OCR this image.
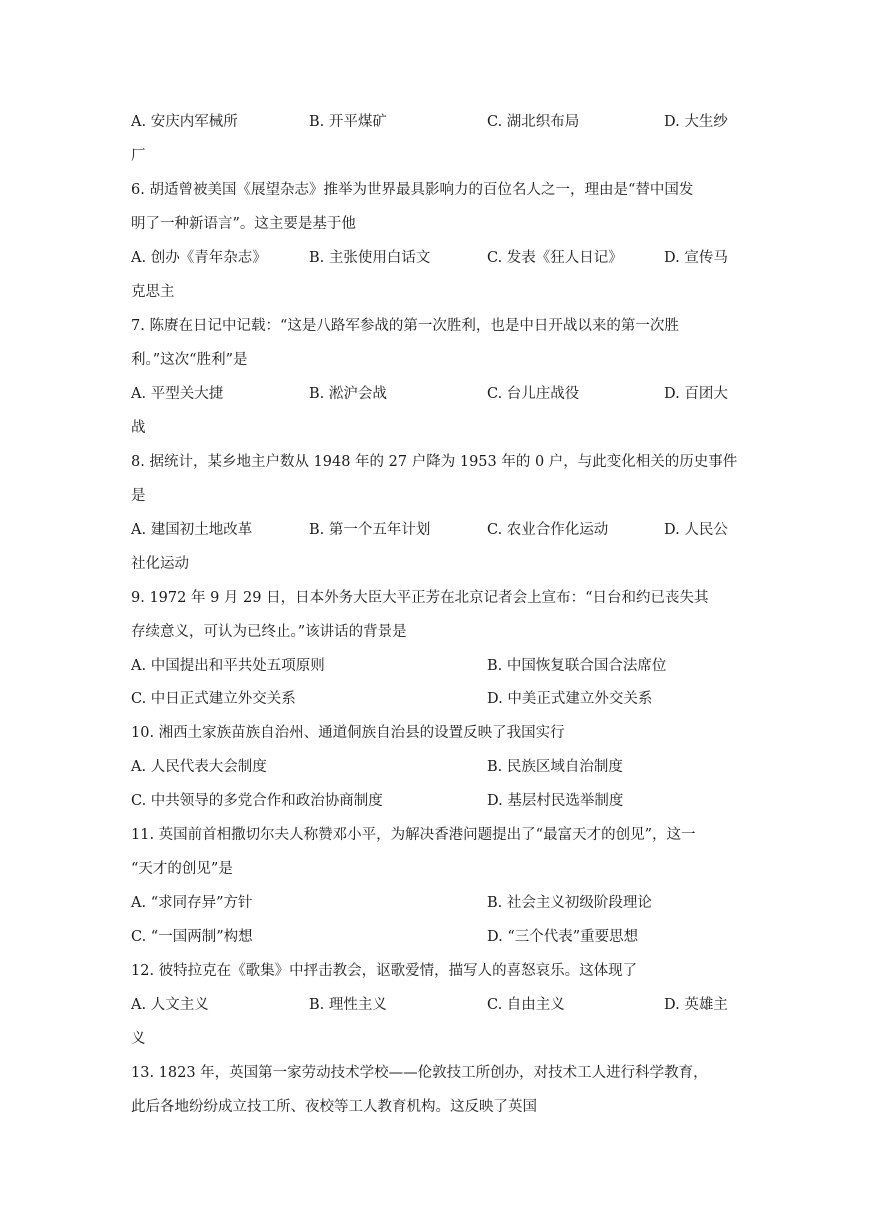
A. 安庆内军械所	B. 开平煤矿	C. 湖北织布局	D. 大生纱
厂
6. 胡适曾被美国《展望杂志》推举为世界最具影响力的百位名人之一，理由是“替中国发
明了一种新语言”。这主要是基于他
A. 创办《青年杂志》	B. 主张使用白话文	C. 发表《狂人日记》	D. 宣传马
克思主
7. 陈赓在日记中记载：“这是八路军参战的第一次胜利，也是中日开战以来的第一次胜
利。”这次“胜利”是
A. 平型关大捷	B. 淞沪会战	C. 台儿庄战役	D. 百团大
战
8. 据统计，某乡地主户数从 1948 年的 27 户降为 1953 年的 0 户，与此变化相关的历史事件
是
A. 建国初土地改革	B. 第一个五年计划	C. 农业合作化运动	D. 人民公
社化运动
9. 1972 年 9 月 29 日，日本外务大臣大平正芳在北京记者会上宣布：“日台和约已丧失其
存续意义，可认为已终止。”该讲话的背景是
A. 中国提出和平共处五项原则	B. 中国恢复联合国合法席位
C. 中日正式建立外交关系	D. 中美正式建立外交关系
10. 湘西土家族苗族自治州、通道侗族自治县的设置反映了我国实行
A. 人民代表大会制度	B. 民族区域自治制度
C. 中共领导的多党合作和政治协商制度	D. 基层村民选举制度
11. 英国前首相撒切尔夫人称赞邓小平，为解决香港问题提出了“最富天才的创见”，这一
“天才的创见”是
A. “求同存异”方针	B. 社会主义初级阶段理论
C. “一国两制”构想	D. “三个代表”重要思想
12. 彼特拉克在《歌集》中抨击教会，讴歌爱情，描写人的喜怒哀乐。这体现了
A. 人文主义	B. 理性主义	C. 自由主义	D. 英雄主
义
13. 1823 年，英国第一家劳动技术学校——伦敦技工所创办，对技术工人进行科学教育，
此后各地纷纷成立技工所、夜校等工人教育机构。这反映了英国
